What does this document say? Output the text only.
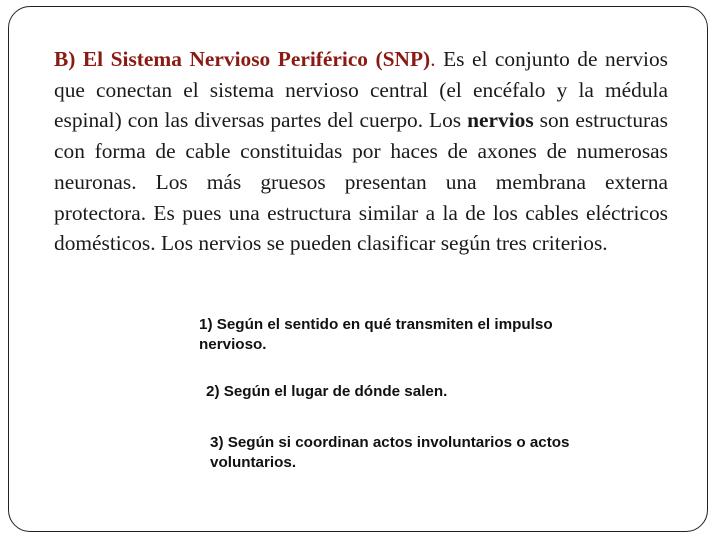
B) El Sistema Nervioso Periférico (SNP). Es el conjunto de nervios que conectan el sistema nervioso central (el encéfalo y la médula espinal) con las diversas partes del cuerpo. Los nervios son estructuras con forma de cable constituidas por haces de axones de numerosas neuronas. Los más gruesos presentan una membrana externa protectora. Es pues una estructura similar a la de los cables eléctricos domésticos. Los nervios se pueden clasificar según tres criterios.

1) Según el sentido en qué transmiten el impulso nervioso.

2) Según el lugar de dónde salen.

3) Según si coordinan actos involuntarios o actos voluntarios.
